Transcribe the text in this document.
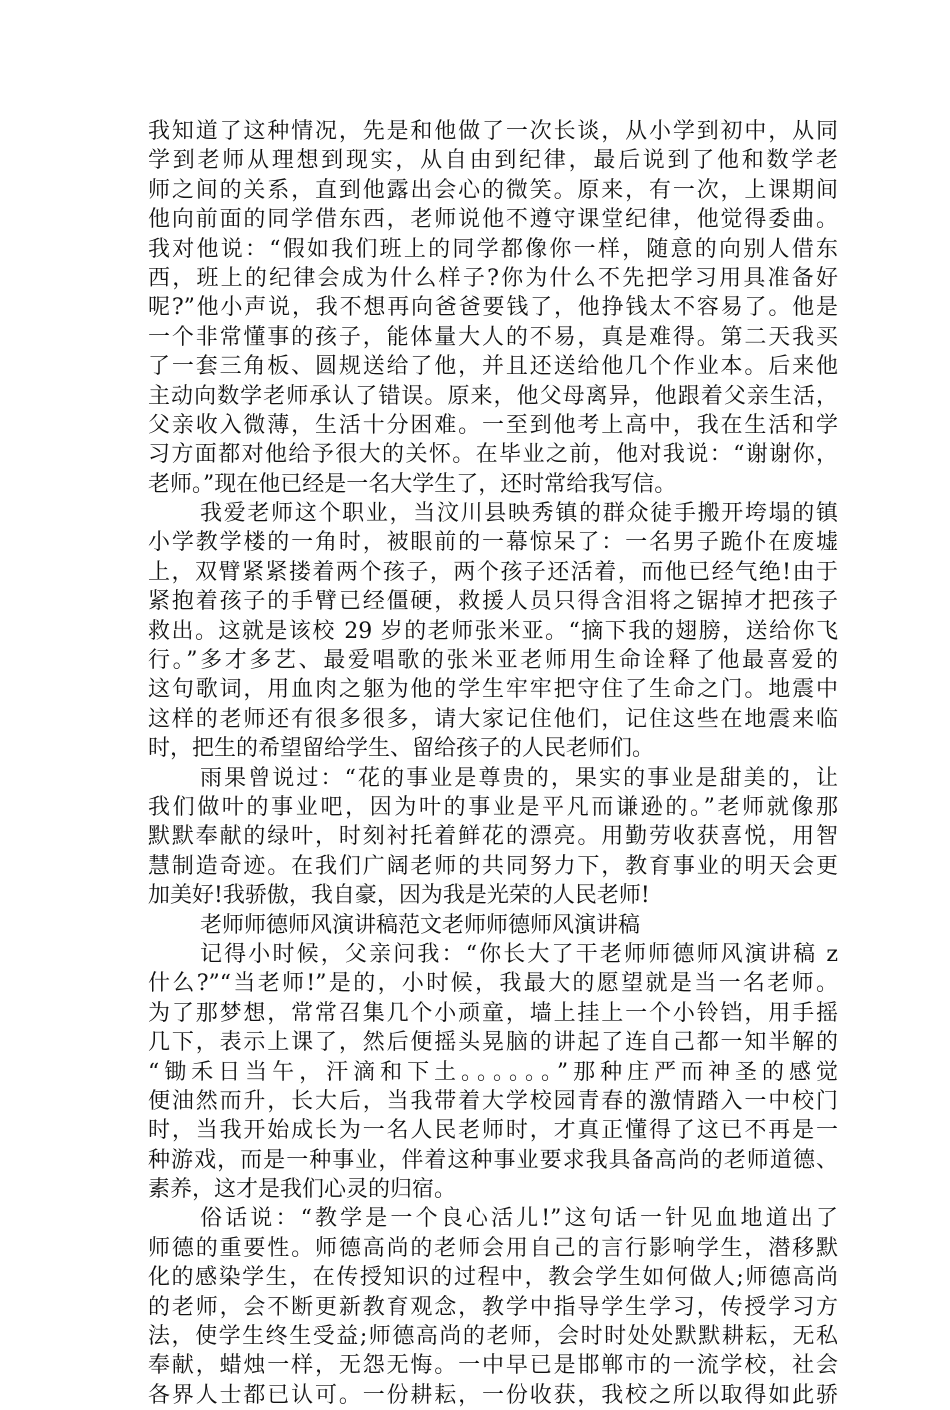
我知道了这种情况，先是和他做了一次长谈，从小学到初中，从同
学到老师从理想到现实，从自由到纪律，最后说到了他和数学老
师之间的关系，直到他露出会心的微笑。原来，有一次，上课期间
他向前面的同学借东西，老师说他不遵守课堂纪律，他觉得委曲。
我对他说：“假如我们班上的同学都像你一样，随意的向别人借东
西，班上的纪律会成为什么样子?你为什么不先把学习用具准备好
呢?”他小声说，我不想再向爸爸要钱了，他挣钱太不容易了。他是
一个非常懂事的孩子，能体量大人的不易，真是难得。第二天我买
了一套三角板、圆规送给了他，并且还送给他几个作业本。后来他
主动向数学老师承认了错误。原来，他父母离异，他跟着父亲生活，
父亲收入微薄，生活十分困难。一至到他考上高中，我在生活和学
习方面都对他给予很大的关怀。在毕业之前，他对我说：“谢谢你，
老师。”现在他已经是一名大学生了，还时常给我写信。
我爱老师这个职业，当汶川县映秀镇的群众徒手搬开垮塌的镇
小学教学楼的一角时，被眼前的一幕惊呆了：一名男子跪仆在废墟
上，双臂紧紧搂着两个孩子，两个孩子还活着，而他已经气绝!由于
紧抱着孩子的手臂已经僵硬，救援人员只得含泪将之锯掉才把孩子
救出。这就是该校 29 岁的老师张米亚。“摘下我的翅膀，送给你飞
行。”多才多艺、最爱唱歌的张米亚老师用生命诠释了他最喜爱的
这句歌词，用血肉之躯为他的学生牢牢把守住了生命之门。地震中
这样的老师还有很多很多，请大家记住他们，记住这些在地震来临
时，把生的希望留给学生、留给孩子的人民老师们。
雨果曾说过：“花的事业是尊贵的，果实的事业是甜美的，让
我们做叶的事业吧，因为叶的事业是平凡而谦逊的。”老师就像那
默默奉献的绿叶，时刻衬托着鲜花的漂亮。用勤劳收获喜悦，用智
慧制造奇迹。在我们广阔老师的共同努力下，教育事业的明天会更
加美好!我骄傲，我自豪，因为我是光荣的人民老师!
老师师德师风演讲稿范文老师师德师风演讲稿
记得小时候，父亲问我：“你长大了干老师师德师风演讲稿 z
什么?”“当老师!”是的，小时候，我最大的愿望就是当一名老师。
为了那梦想，常常召集几个小顽童，墙上挂上一个小铃铛，用手摇
几下，表示上课了，然后便摇头晃脑的讲起了连自己都一知半解的
“锄禾日当午，汗滴和下土。。。。。。”那种庄严而神圣的感觉
便油然而升，长大后，当我带着大学校园青春的激情踏入一中校门
时，当我开始成长为一名人民老师时，才真正懂得了这已不再是一
种游戏，而是一种事业，伴着这种事业要求我具备高尚的老师道德、
素养，这才是我们心灵的归宿。
俗话说：“教学是一个良心活儿!”这句话一针见血地道出了
师德的重要性。师德高尚的老师会用自己的言行影响学生，潜移默
化的感染学生，在传授知识的过程中，教会学生如何做人;师德高尚
的老师，会不断更新教育观念，教学中指导学生学习，传授学习方
法，使学生终生受益;师德高尚的老师，会时时处处默默耕耘，无私
奉献，蜡烛一样，无怨无悔。一中早已是邯郸市的一流学校，社会
各界人士都已认可。一份耕耘，一份收获，我校之所以取得如此骄
